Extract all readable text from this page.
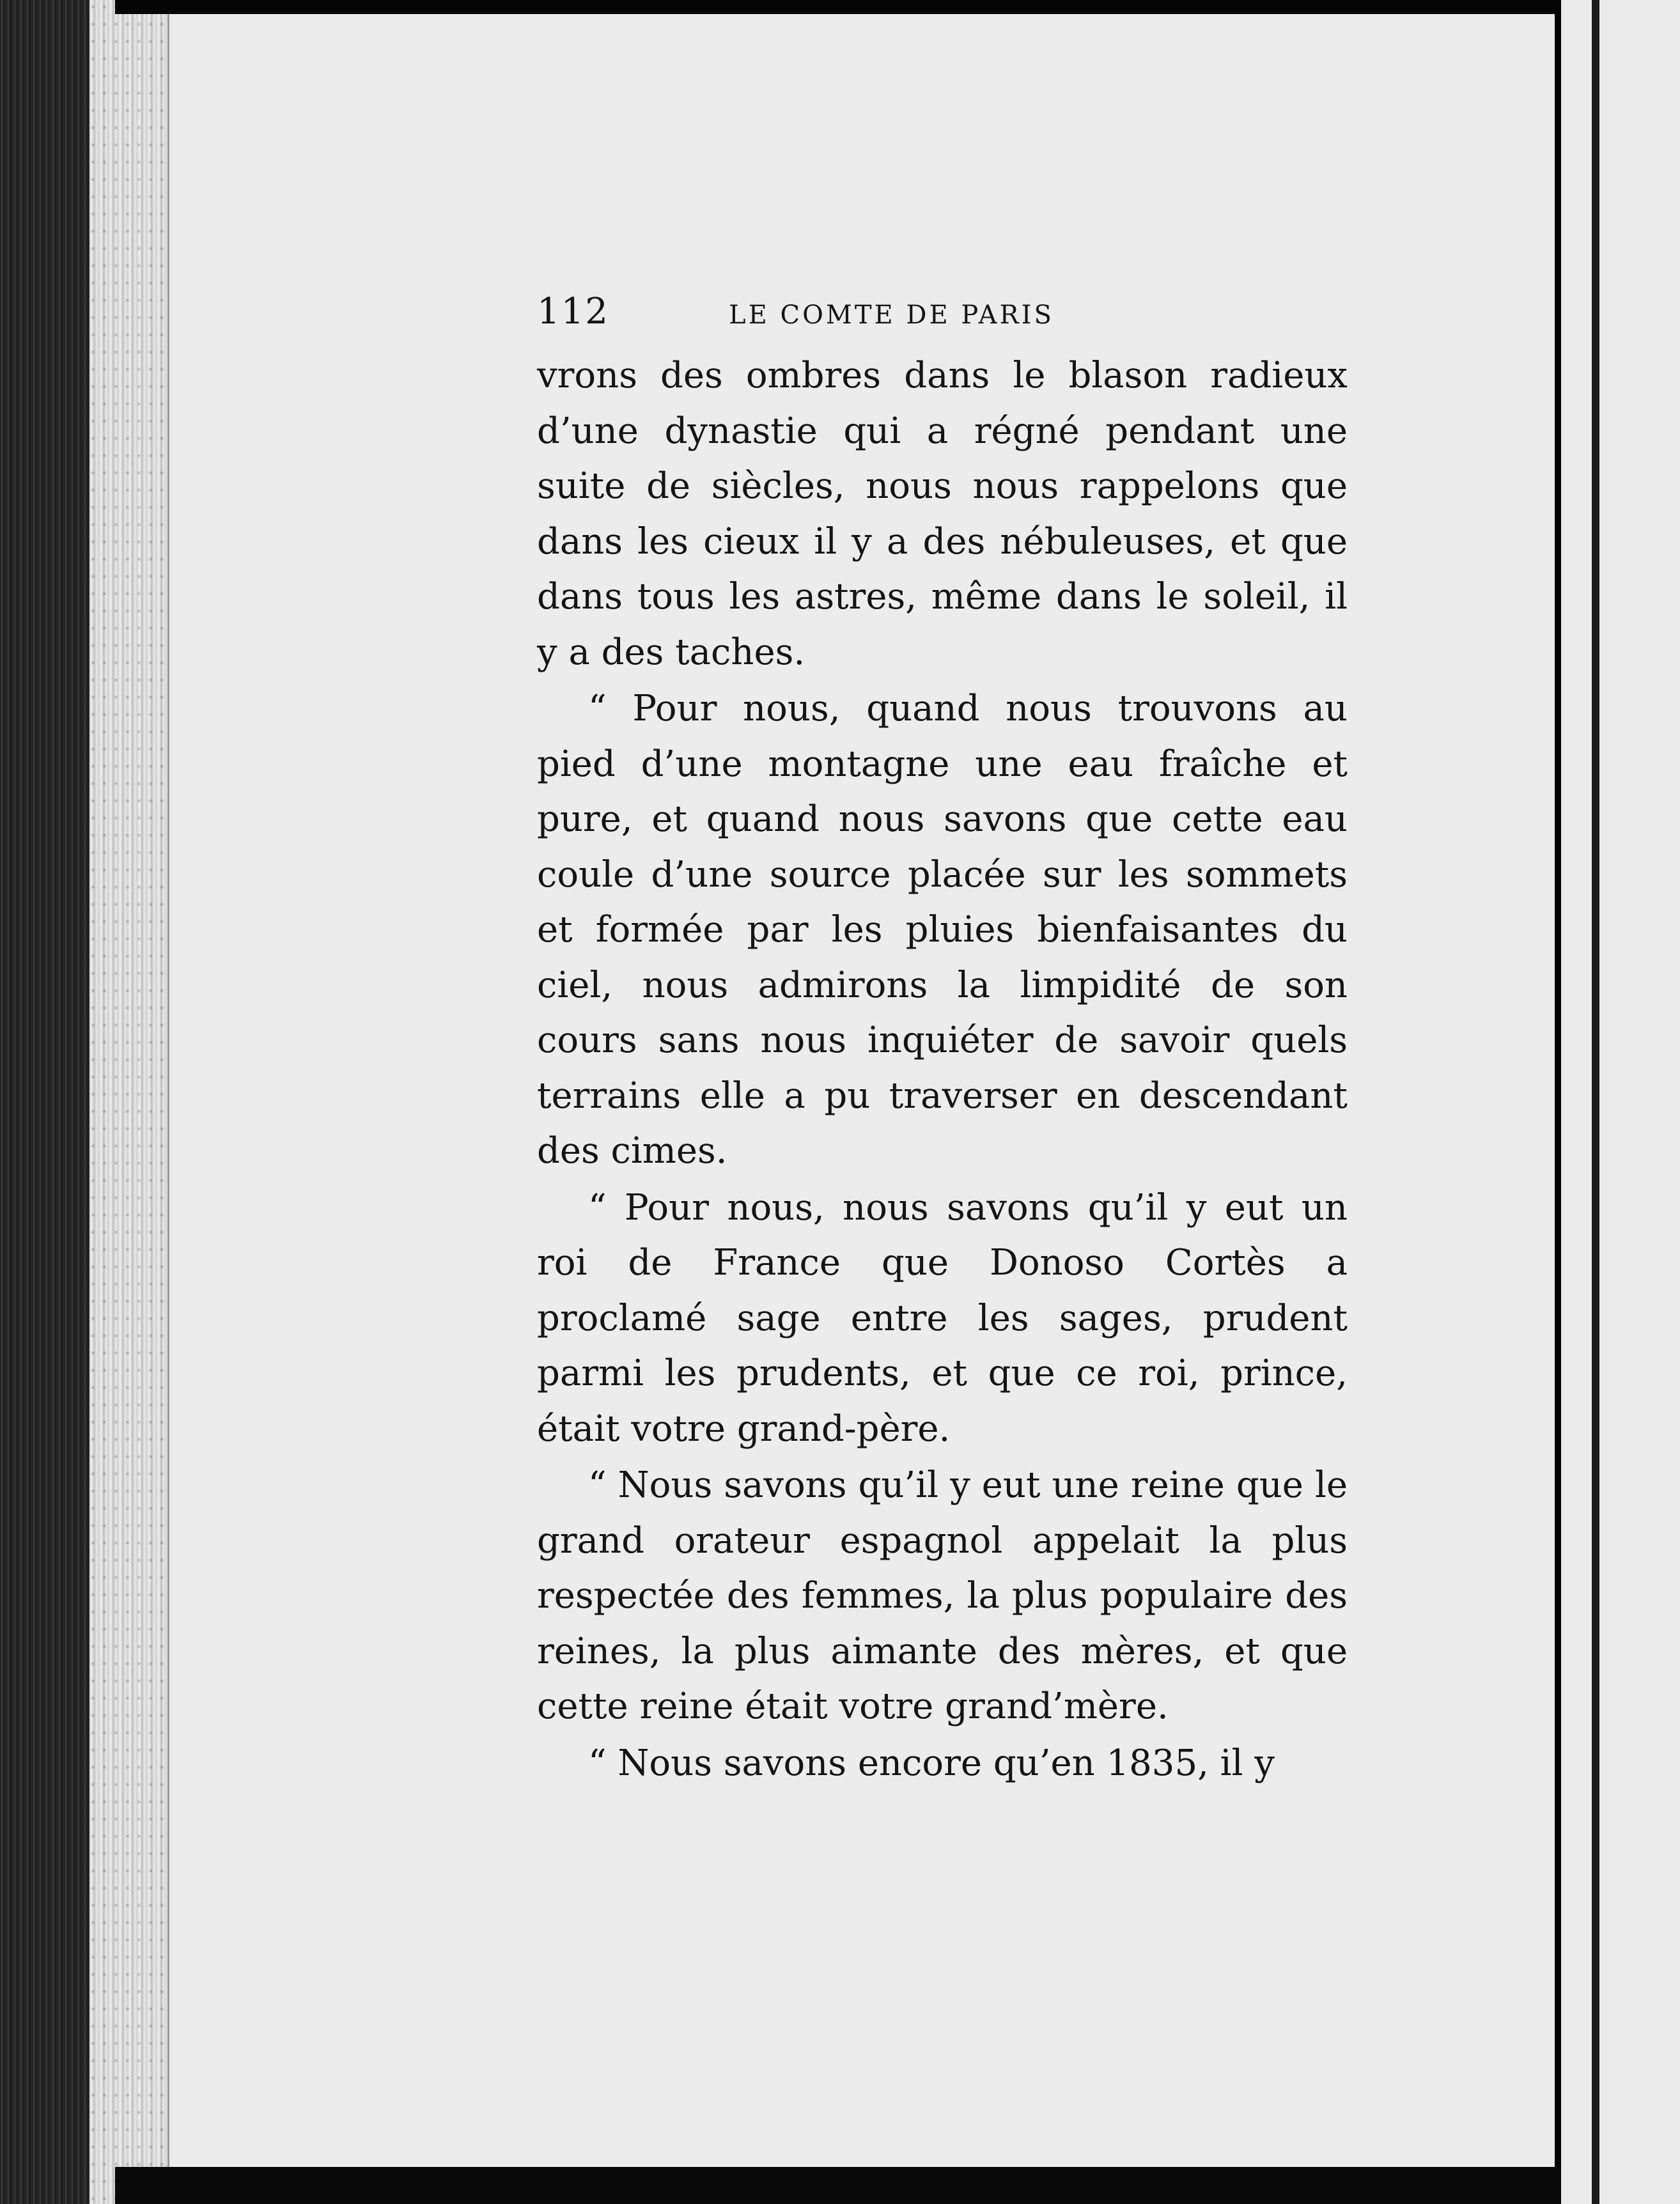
112	LE COMTE DE PARIS

vrons des ombres dans le blason radieux d’une dynastie qui a régné pendant une suite de siècles, nous nous rappelons que dans les cieux il y a des nébuleuses, et que dans tous les astres, même dans le soleil, il y a des taches.

“ Pour nous, quand nous trouvons au pied d’une montagne une eau fraîche et pure, et quand nous savons que cette eau coule d’une source placée sur les sommets et formée par les pluies bienfaisantes du ciel, nous admirons la limpidité de son cours sans nous inquiéter de savoir quels terrains elle a pu traverser en descendant des cimes.

“ Pour nous, nous savons qu’il y eut un roi de France que Donoso Cortès a proclamé sage entre les sages, prudent parmi les prudents, et que ce roi, prince, était votre grand-père.

“ Nous savons qu’il y eut une reine que le grand orateur espagnol appelait la plus respectée des femmes, la plus populaire des reines, la plus aimante des mères, et que cette reine était votre grand’mère.

“ Nous savons encore qu’en 1835, il y
